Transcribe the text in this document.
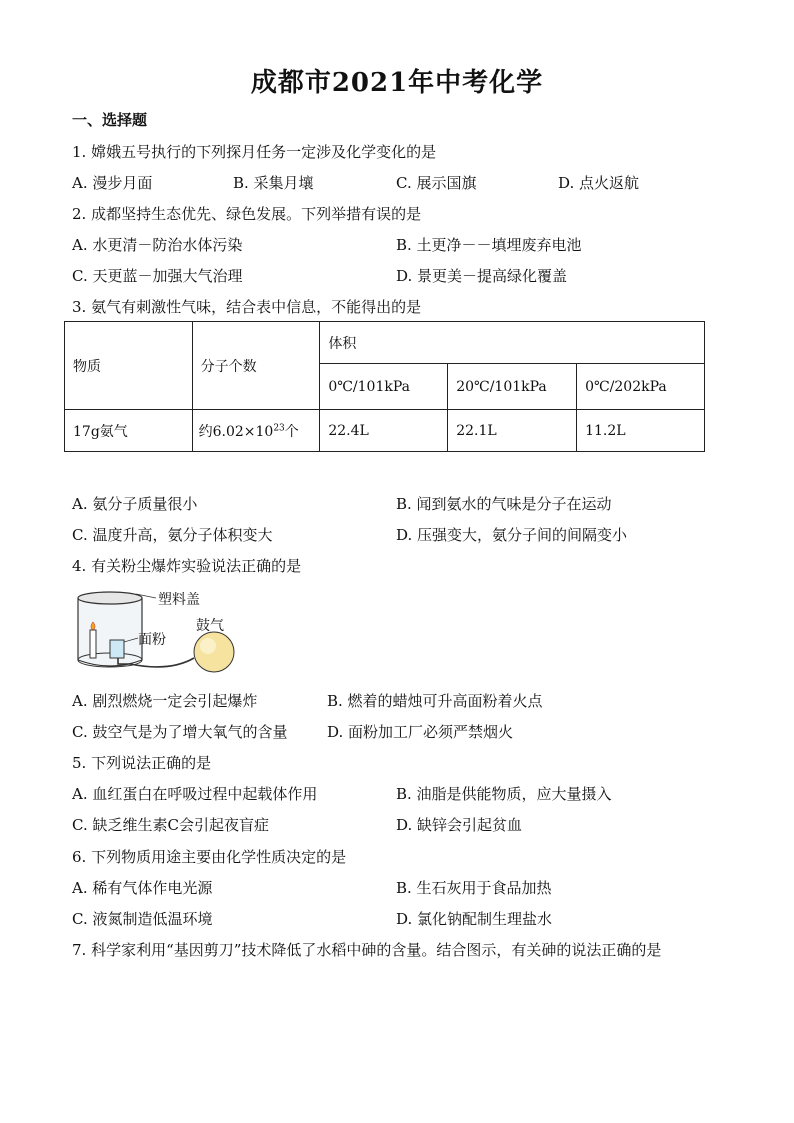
成都市2021年中考化学
一、选择题
1. 嫦娥五号执行的下列探月任务一定涉及化学变化的是
A. 漫步月面	B. 采集月壤	C. 展示国旗	D. 点火返航
2. 成都坚持生态优先、绿色发展。下列举措有误的是
A. 水更清－防治水体污染	B. 土更净－－填埋废弃电池
C. 天更蓝－加强大气治理	D. 景更美－提高绿化覆盖
3. 氨气有刺激性气味，结合表中信息，不能得出的是
物质	分子个数	体积		
		0℃/101kPa	20℃/101kPa	0℃/202kPa
17g氨气	约$6.02\times 10^{23}$个	22.4L	22.1L	11.2L
A. 氨分子质量很小	B. 闻到氨水的气味是分子在运动
C. 温度升高，氨分子体积变大	D. 压强变大，氨分子间的间隔变小
4. 有关粉尘爆炸实验说法正确的是
塑料盖
面粉
鼓气
A. 剧烈燃烧一定会引起爆炸	B. 燃着的蜡烛可升高面粉着火点
C. 鼓空气是为了增大氧气的含量	D. 面粉加工厂必须严禁烟火
5. 下列说法正确的是
A. 血红蛋白在呼吸过程中起载体作用	B. 油脂是供能物质，应大量摄入
C. 缺乏维生素C会引起夜盲症	D. 缺锌会引起贫血
6. 下列物质用途主要由化学性质决定的是
A. 稀有气体作电光源	B. 生石灰用于食品加热
C. 液氮制造低温环境	D. 氯化钠配制生理盐水
7. 科学家利用“基因剪刀”技术降低了水稻中砷的含量。结合图示，有关砷的说法正确的是
